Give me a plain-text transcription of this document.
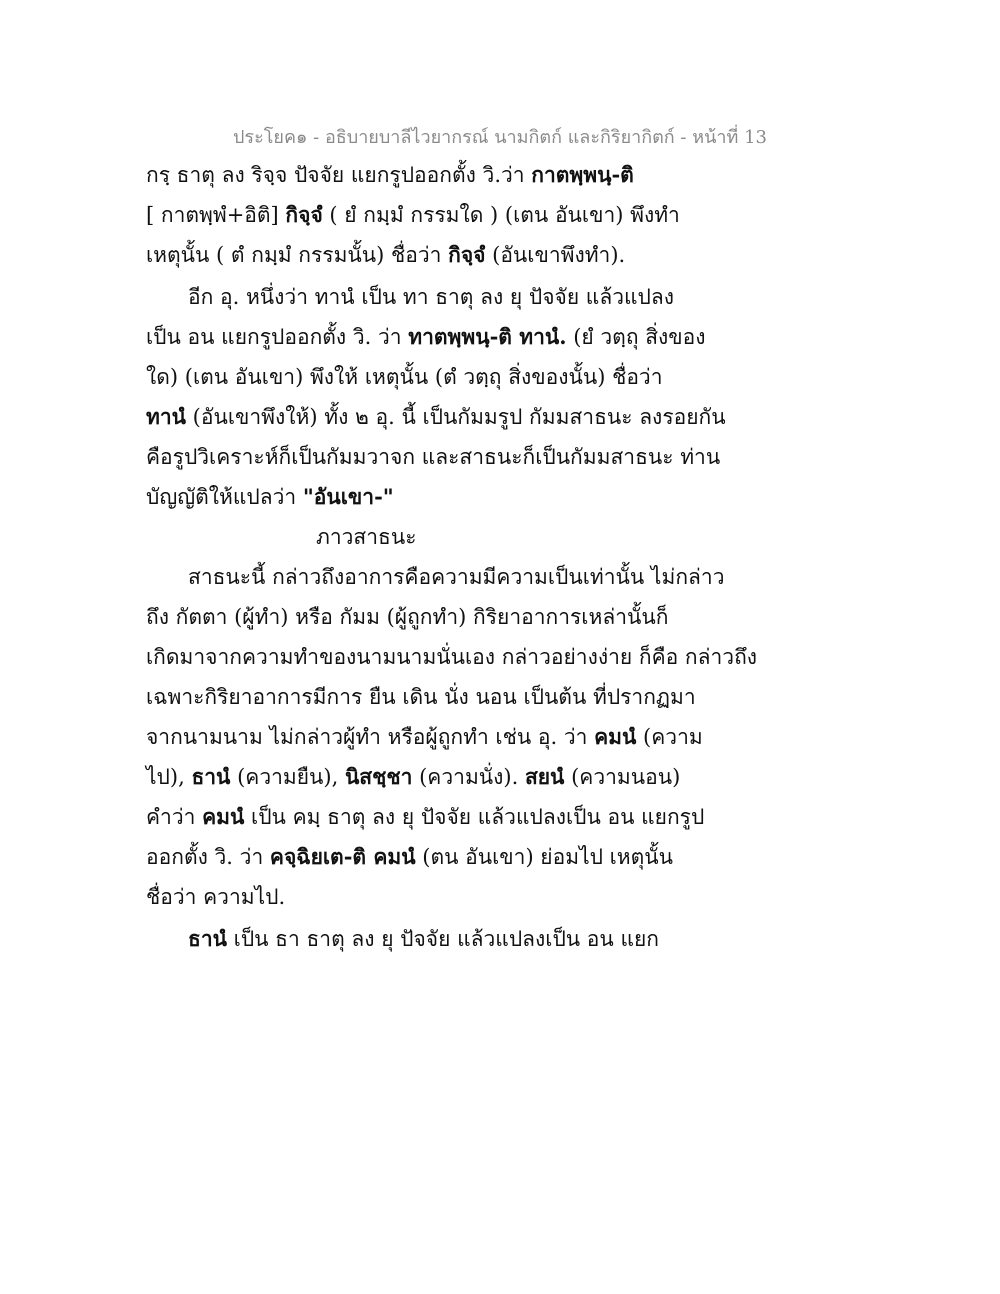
ประโยค๑ - อธิบายบาลีไวยากรณ์ นามกิตก์ และกิริยากิตก์ - หน้าที่ 13
กรฺ ธาตุ ลง ริจฺจ ปัจจัย แยกรูปออกตั้ง วิ.ว่า กาตพฺพนฺ-ติ
[ กาตพฺพํ+อิติ] กิจฺจํ ( ยํ กมฺมํ กรรมใด ) (เตน อันเขา) พึงทำ
เหตุนั้น ( ตํ กมฺมํ กรรมนั้น) ชื่อว่า กิจฺจํ (อันเขาพึงทำ).
อีก อุ. หนึ่งว่า ทานํ เป็น ทา ธาตุ ลง ยุ ปัจจัย แล้วแปลง
เป็น อน แยกรูปออกตั้ง วิ. ว่า ทาตพฺพนฺ-ติ ทานํ. (ยํ วตฺถุ สิ่งของ
ใด) (เตน อันเขา) พึงให้ เหตุนั้น (ตํ วตฺถุ สิ่งของนั้น) ชื่อว่า
ทานํ (อันเขาพึงให้) ทั้ง ๒ อุ. นี้ เป็นกัมมรูป กัมมสาธนะ ลงรอยกัน
คือรูปวิเคราะห์ก็เป็นกัมมวาจก และสาธนะก็เป็นกัมมสาธนะ ท่าน
บัญญัติให้แปลว่า "อันเขา-"
ภาวสาธนะ
สาธนะนี้ กล่าวถึงอาการคือความมีความเป็นเท่านั้น ไม่กล่าว
ถึง กัตตา (ผู้ทำ) หรือ กัมม (ผู้ถูกทำ) กิริยาอาการเหล่านั้นก็
เกิดมาจากความทำของนามนามนั่นเอง กล่าวอย่างง่าย ก็คือ กล่าวถึง
เฉพาะกิริยาอาการมีการ ยืน เดิน นั่ง นอน เป็นต้น ที่ปรากฏมา
จากนามนาม ไม่กล่าวผู้ทำ หรือผู้ถูกทำ เช่น อุ. ว่า คมนํ (ความ
ไป), ธานํ (ความยืน), นิสชฺชา (ความนั่ง). สยนํ (ความนอน)
คำว่า คมนํ เป็น คมฺ ธาตุ ลง ยุ ปัจจัย แล้วแปลงเป็น อน แยกรูป
ออกตั้ง วิ. ว่า คจฺฉิยเต-ติ คมนํ (ตน อันเขา) ย่อมไป เหตุนั้น
ชื่อว่า ความไป.
ธานํ เป็น ธา ธาตุ ลง ยุ ปัจจัย แล้วแปลงเป็น อน แยก
